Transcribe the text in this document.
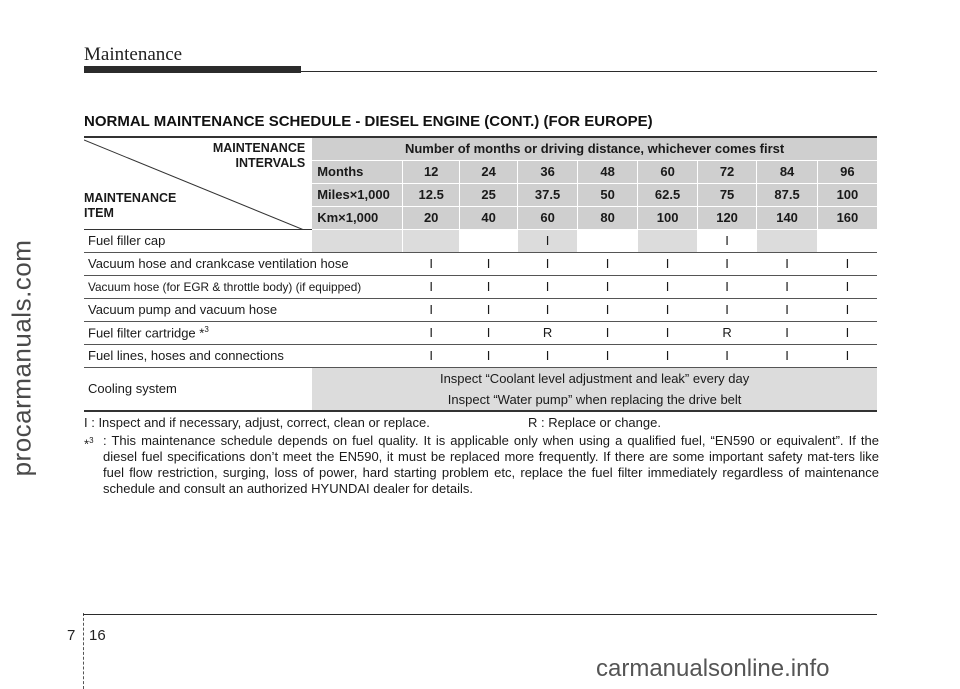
Maintenance
procarmanuals.com
NORMAL MAINTENANCE SCHEDULE - DIESEL ENGINE (CONT.) (FOR EUROPE)
MAINTENANCE
INTERVALS
MAINTENANCE
ITEM	Number of months or driving distance, whichever comes first								
	Months	12	24	36	48	60	72	84	96
	Miles×1,000	12.5	25	37.5	50	62.5	75	87.5	100
	Km×1,000	20	40	60	80	100	120	140	160
Fuel filler cap				I			I		
Vacuum hose and crankcase ventilation hose		I	I	I	I	I	I	I	I
Vacuum hose (for EGR & throttle body) (if equipped)		I	I	I	I	I	I	I	I
Vacuum pump and vacuum hose		I	I	I	I	I	I	I	I
Fuel filter cartridge *$^3$		I	I	R	I	I	R	I	I
Fuel lines, hoses and connections		I	I	I	I	I	I	I	I
Cooling system	Inspect “Coolant level adjustment and leak” every day
Inspect “Water pump” when replacing the drive belt								
I : Inspect and if necessary, adjust, correct, clean or replace.	R : Replace or change.
*$^3$ : This maintenance schedule depends on fuel quality. It is applicable only when using a qualified fuel, “EN590 or equivalent”. If the diesel fuel specifications don’t meet the EN590, it must be replaced more frequently. If there are some important safety mat-ters like fuel flow restriction, surging, loss of power, hard starting problem etc, replace the fuel filter immediately regardless of maintenance schedule and consult an authorized HYUNDAI dealer for details.
7 16
carmanualsonline.info
